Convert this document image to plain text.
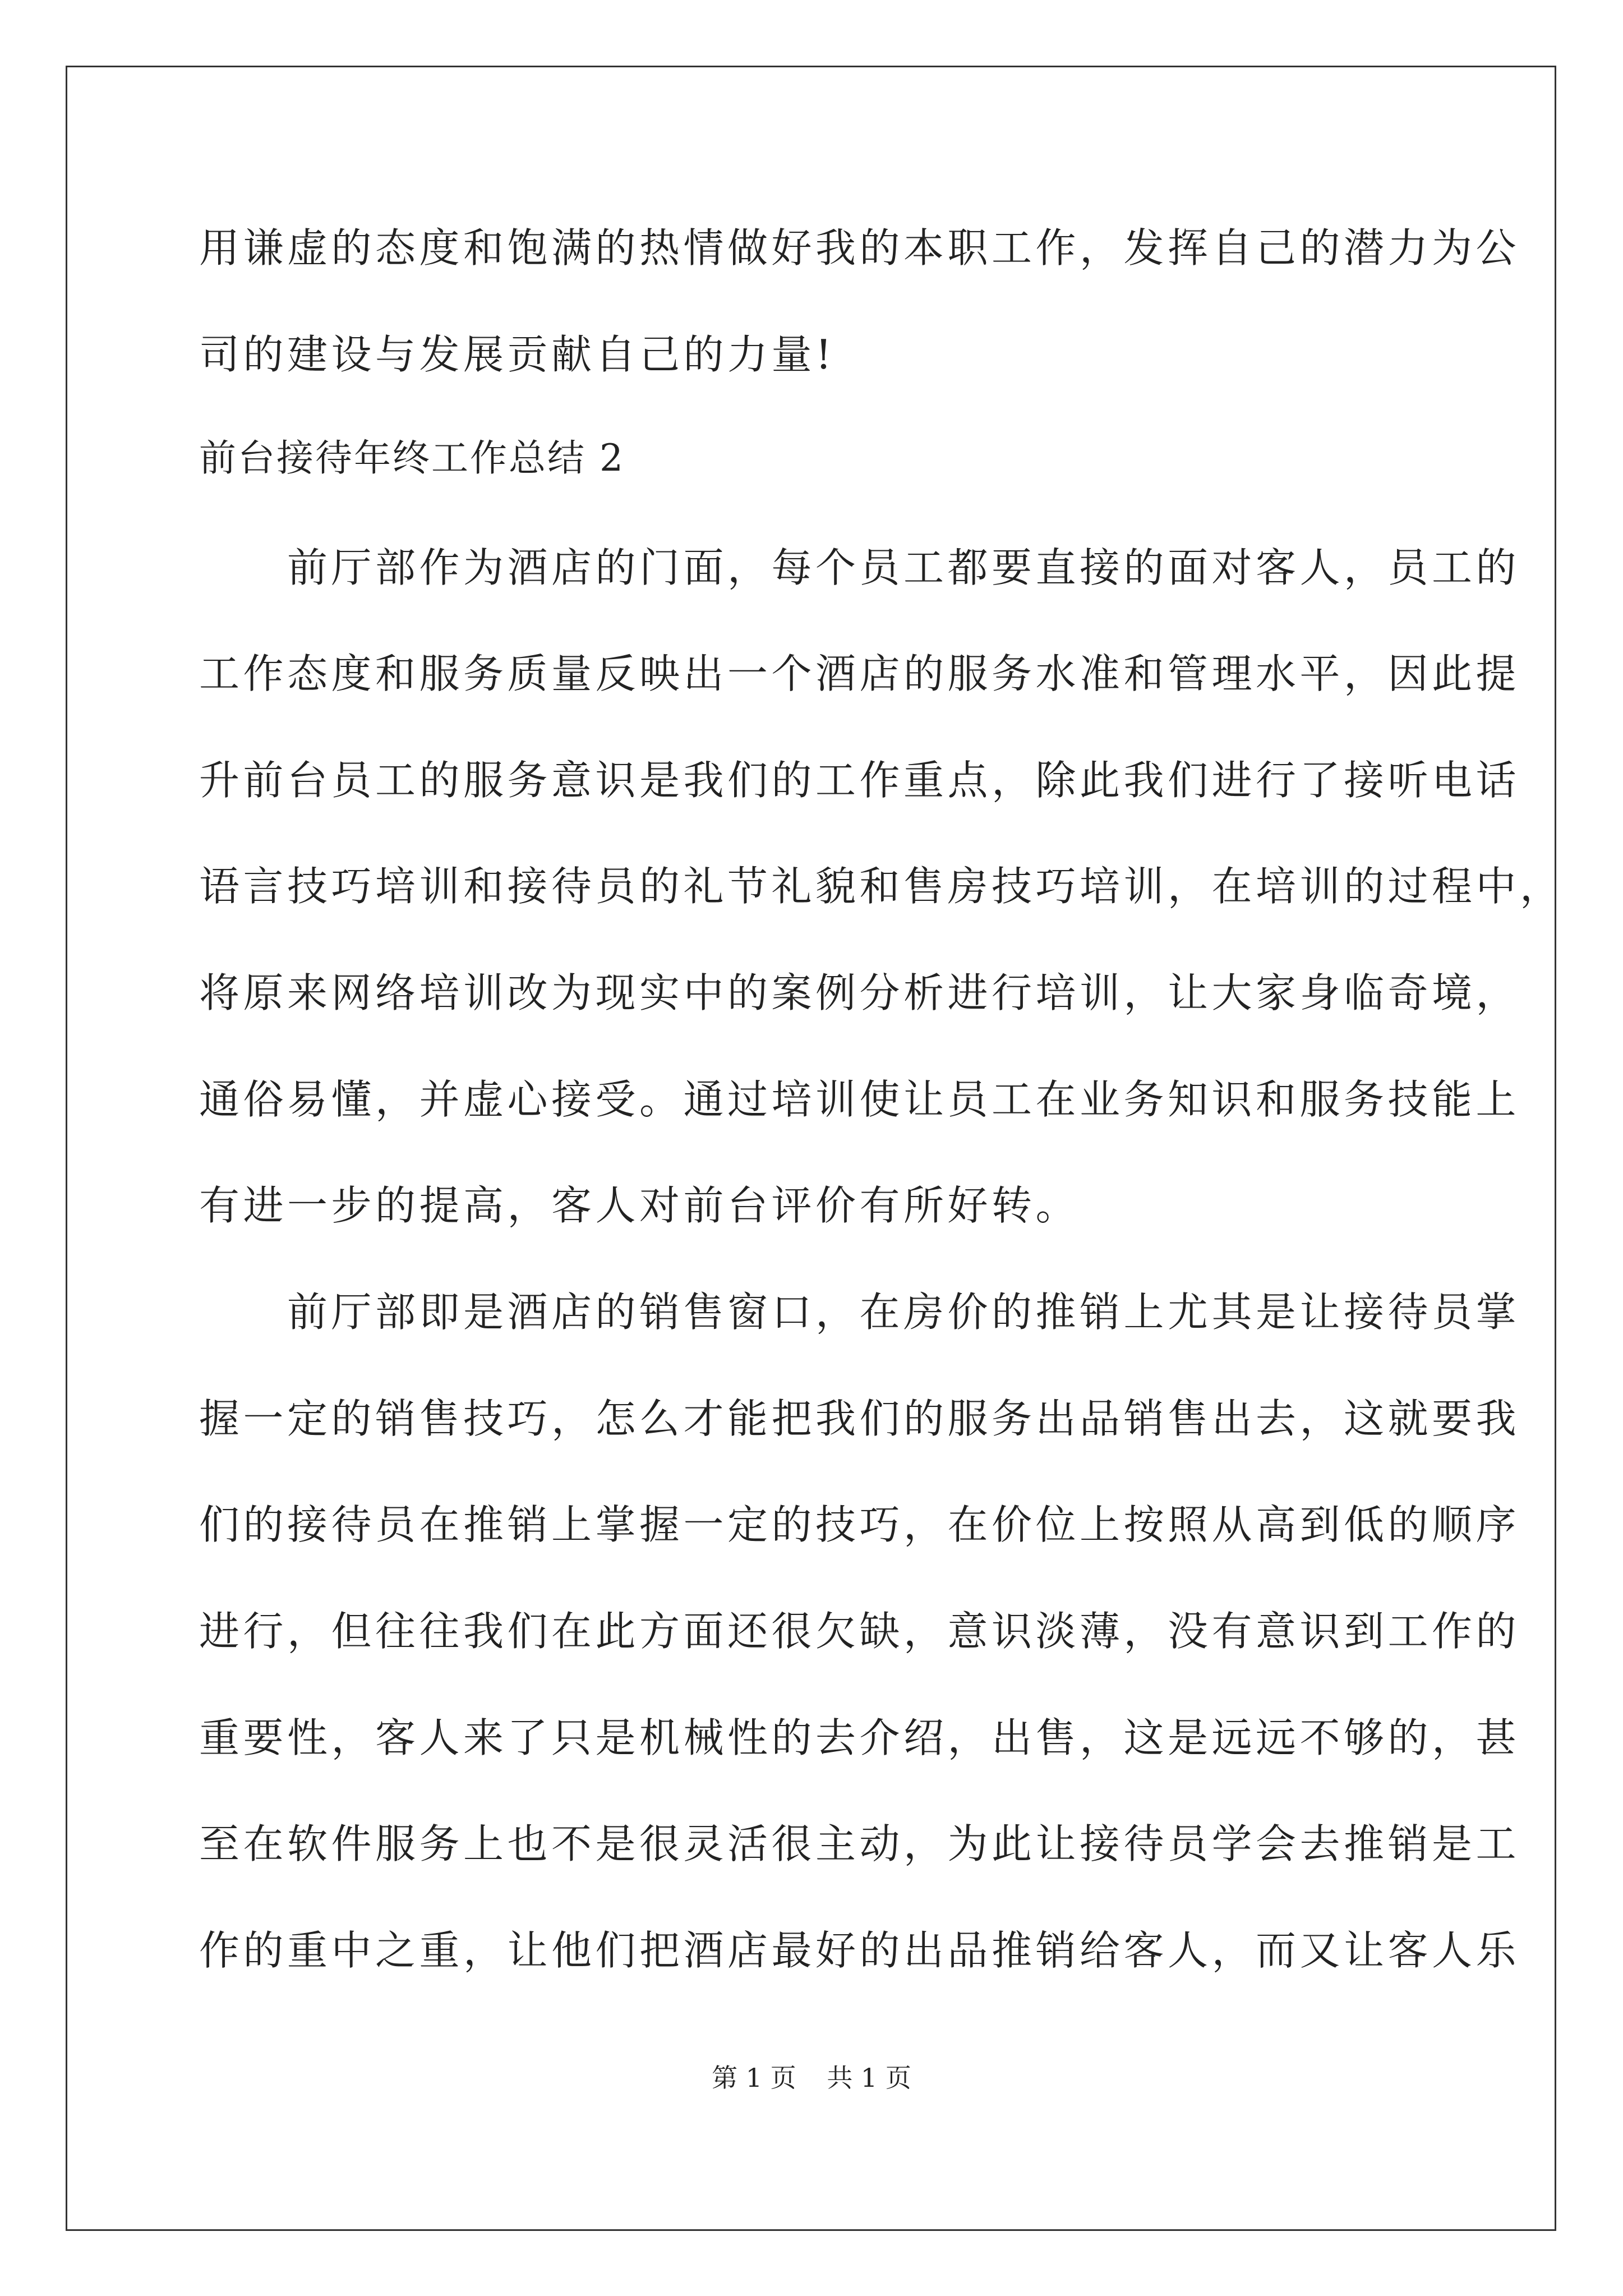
用谦虚的态度和饱满的热情做好我的本职工作，发挥自己的潜力为公
司的建设与发展贡献自己的力量!
前台接待年终工作总结 2
　　前厅部作为酒店的门面，每个员工都要直接的面对客人，员工的
工作态度和服务质量反映出一个酒店的服务水准和管理水平，因此提
升前台员工的服务意识是我们的工作重点，除此我们进行了接听电话
语言技巧培训和接待员的礼节礼貌和售房技巧培训，在培训的过程中，
将原来网络培训改为现实中的案例分析进行培训，让大家身临奇境，
通俗易懂，并虚心接受。通过培训使让员工在业务知识和服务技能上
有进一步的提高，客人对前台评价有所好转。
　　前厅部即是酒店的销售窗口，在房价的推销上尤其是让接待员掌
握一定的销售技巧，怎么才能把我们的服务出品销售出去，这就要我
们的接待员在推销上掌握一定的技巧，在价位上按照从高到低的顺序
进行，但往往我们在此方面还很欠缺，意识淡薄，没有意识到工作的
重要性，客人来了只是机械性的去介绍，出售，这是远远不够的，甚
至在软件服务上也不是很灵活很主动，为此让接待员学会去推销是工
作的重中之重，让他们把酒店最好的出品推销给客人，而又让客人乐
第 1 页 共 1 页
